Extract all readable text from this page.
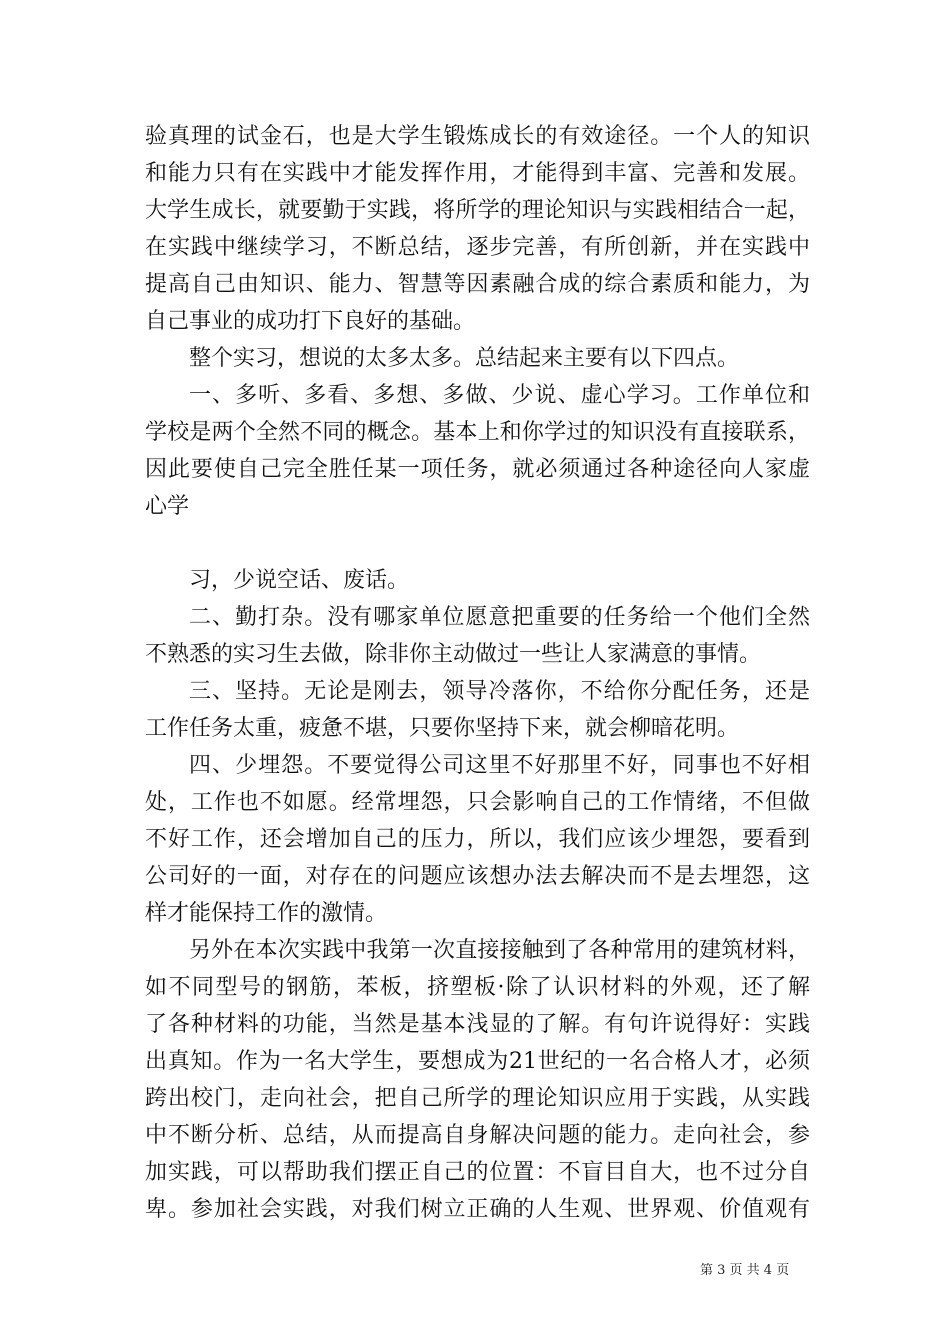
验真理的试金石，也是大学生锻炼成长的有效途径。一个人的知识
和能力只有在实践中才能发挥作用，才能得到丰富、完善和发展。
大学生成长，就要勤于实践，将所学的理论知识与实践相结合一起，
在实践中继续学习，不断总结，逐步完善，有所创新，并在实践中
提高自己由知识、能力、智慧等因素融合成的综合素质和能力，为
自己事业的成功打下良好的基础。
整个实习，想说的太多太多。总结起来主要有以下四点。
一、多听、多看、多想、多做、少说、虚心学习。工作单位和
学校是两个全然不同的概念。基本上和你学过的知识没有直接联系，
因此要使自己完全胜任某一项任务，就必须通过各种途径向人家虚
心学
习，少说空话、废话。
二、勤打杂。没有哪家单位愿意把重要的任务给一个他们全然
不熟悉的实习生去做，除非你主动做过一些让人家满意的事情。
三、坚持。无论是刚去，领导冷落你，不给你分配任务，还是
工作任务太重，疲惫不堪，只要你坚持下来，就会柳暗花明。
四、少埋怨。不要觉得公司这里不好那里不好，同事也不好相
处，工作也不如愿。经常埋怨，只会影响自己的工作情绪，不但做
不好工作，还会增加自己的压力，所以，我们应该少埋怨，要看到
公司好的一面，对存在的问题应该想办法去解决而不是去埋怨，这
样才能保持工作的激情。
另外在本次实践中我第一次直接接触到了各种常用的建筑材料，
如不同型号的钢筋，苯板，挤塑板·除了认识材料的外观，还了解
了各种材料的功能，当然是基本浅显的了解。有句许说得好：实践
出真知。作为一名大学生，要想成为21世纪的一名合格人才，必须
跨出校门，走向社会，把自己所学的理论知识应用于实践，从实践
中不断分析、总结，从而提高自身解决问题的能力。走向社会，参
加实践，可以帮助我们摆正自己的位置：不盲目自大，也不过分自
卑。参加社会实践，对我们树立正确的人生观、世界观、价值观有
第 3 页 共 4 页
